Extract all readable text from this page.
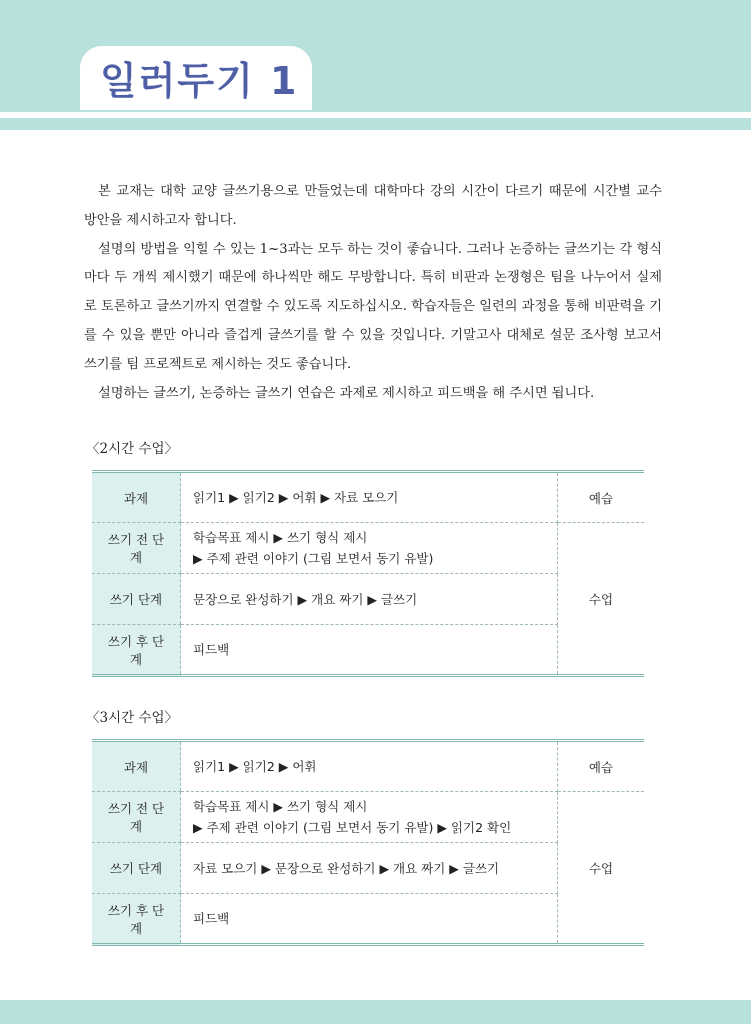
일러두기 1

본 교재는 대학 교양 글쓰기용으로 만들었는데 대학마다 강의 시간이 다르기 때문에 시간별 교수 방안을 제시하고자 합니다.

설명의 방법을 익힐 수 있는 1~3과는 모두 하는 것이 좋습니다. 그러나 논증하는 글쓰기는 각 형식마다 두 개씩 제시했기 때문에 하나씩만 해도 무방합니다. 특히 비판과 논쟁형은 팀을 나누어서 실제로 토론하고 글쓰기까지 연결할 수 있도록 지도하십시오. 학습자들은 일련의 과정을 통해 비판력을 기를 수 있을 뿐만 아니라 즐겁게 글쓰기를 할 수 있을 것입니다. 기말고사 대체로 설문 조사형 보고서 쓰기를 팀 프로젝트로 제시하는 것도 좋습니다.

설명하는 글쓰기, 논증하는 글쓰기 연습은 과제로 제시하고 피드백을 해 주시면 됩니다.

〈2시간 수업〉
과제	읽기1 ▶ 읽기2 ▶ 어휘 ▶ 자료 모으기	예습
쓰기 전 단계	학습목표 제시 ▶ 쓰기 형식 제시
▶ 주제 관련 이야기 (그림 보면서 동기 유발)	수업
쓰기 단계	문장으로 완성하기 ▶ 개요 짜기 ▶ 글쓰기	

쓰기 후 단계	피드백	
〈3시간 수업〉
과제	읽기1 ▶ 읽기2 ▶ 어휘	예습
쓰기 전 단계	학습목표 제시 ▶ 쓰기 형식 제시
▶ 주제 관련 이야기 (그림 보면서 동기 유발) ▶ 읽기2 확인	수업
쓰기 단계	자료 모으기 ▶ 문장으로 완성하기 ▶ 개요 짜기 ▶ 글쓰기	

쓰기 후 단계	피드백	
